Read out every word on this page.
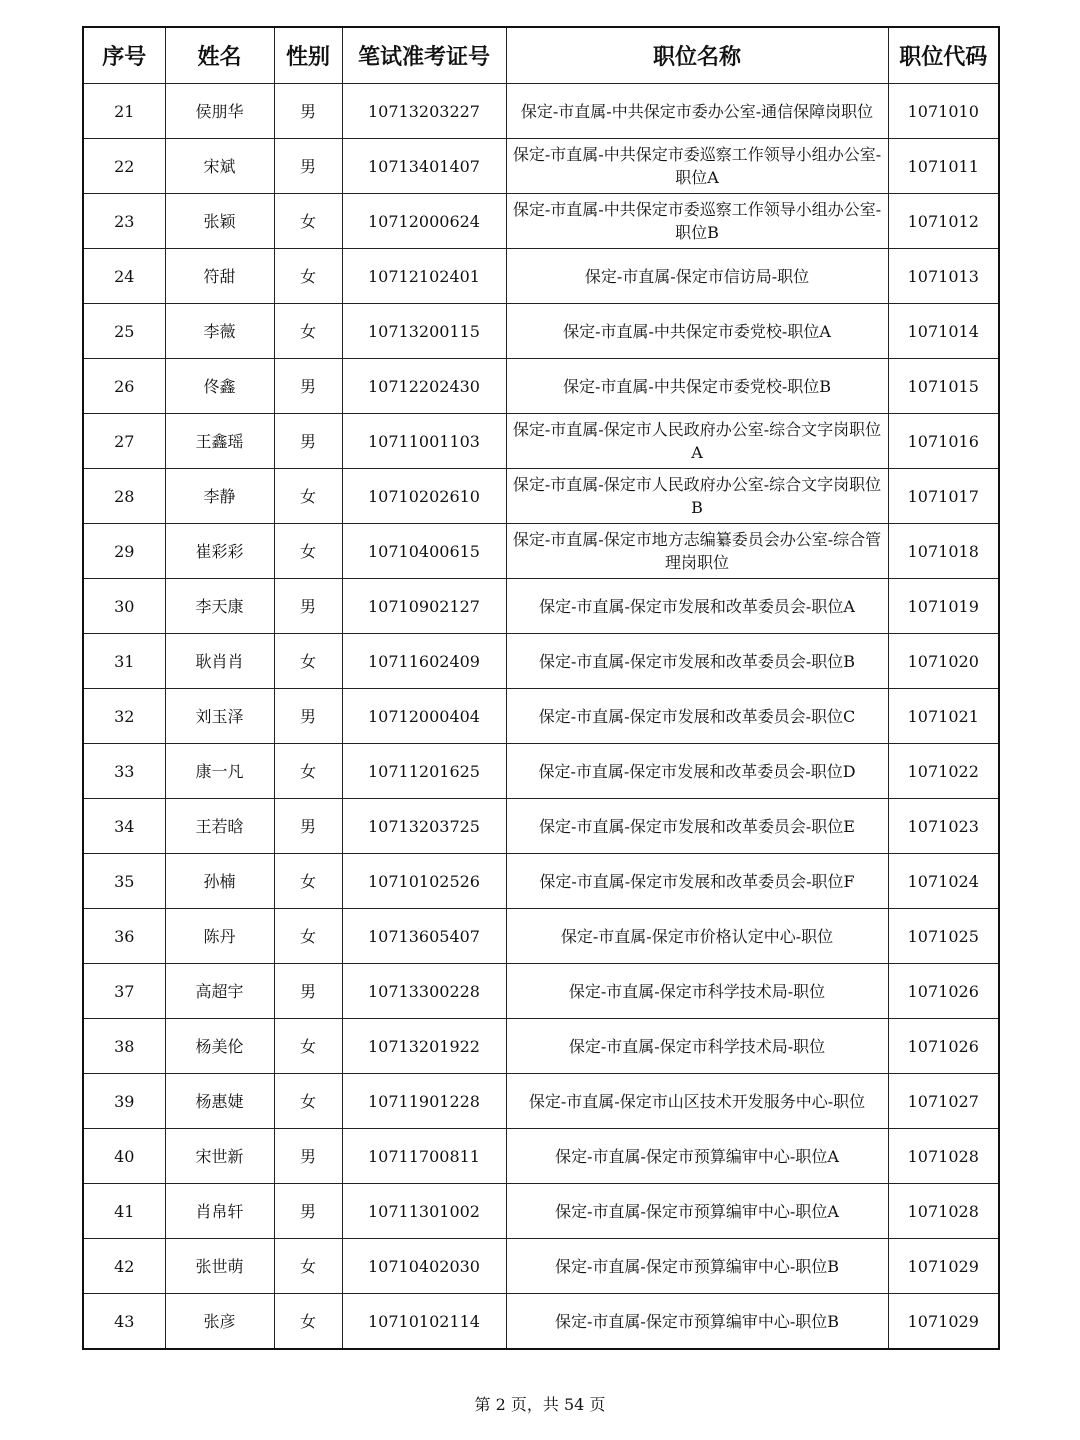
序号	姓名	性别	笔试准考证号	职位名称	职位代码
21	侯朋华	男	10713203227	保定-市直属-中共保定市委办公室-通信保障岗职位	1071010
22	宋斌	男	10713401407	保定-市直属-中共保定市委巡察工作领导小组办公室-职位A	1071011
23	张颖	女	10712000624	保定-市直属-中共保定市委巡察工作领导小组办公室-职位B	1071012
24	符甜	女	10712102401	保定-市直属-保定市信访局-职位	1071013
25	李薇	女	10713200115	保定-市直属-中共保定市委党校-职位A	1071014
26	佟鑫	男	10712202430	保定-市直属-中共保定市委党校-职位B	1071015
27	王鑫瑶	男	10711001103	保定-市直属-保定市人民政府办公室-综合文字岗职位A	1071016
28	李静	女	10710202610	保定-市直属-保定市人民政府办公室-综合文字岗职位B	1071017
29	崔彩彩	女	10710400615	保定-市直属-保定市地方志编纂委员会办公室-综合管理岗职位	1071018
30	李天康	男	10710902127	保定-市直属-保定市发展和改革委员会-职位A	1071019
31	耿肖肖	女	10711602409	保定-市直属-保定市发展和改革委员会-职位B	1071020
32	刘玉泽	男	10712000404	保定-市直属-保定市发展和改革委员会-职位C	1071021
33	康一凡	女	10711201625	保定-市直属-保定市发展和改革委员会-职位D	1071022
34	王若晗	男	10713203725	保定-市直属-保定市发展和改革委员会-职位E	1071023
35	孙楠	女	10710102526	保定-市直属-保定市发展和改革委员会-职位F	1071024
36	陈丹	女	10713605407	保定-市直属-保定市价格认定中心-职位	1071025
37	高超宇	男	10713300228	保定-市直属-保定市科学技术局-职位	1071026
38	杨美伦	女	10713201922	保定-市直属-保定市科学技术局-职位	1071026
39	杨惠婕	女	10711901228	保定-市直属-保定市山区技术开发服务中心-职位	1071027
40	宋世新	男	10711700811	保定-市直属-保定市预算编审中心-职位A	1071028
41	肖帛轩	男	10711301002	保定-市直属-保定市预算编审中心-职位A	1071028
42	张世萌	女	10710402030	保定-市直属-保定市预算编审中心-职位B	1071029
43	张彦	女	10710102114	保定-市直属-保定市预算编审中心-职位B	1071029
第 2 页，共 54 页
